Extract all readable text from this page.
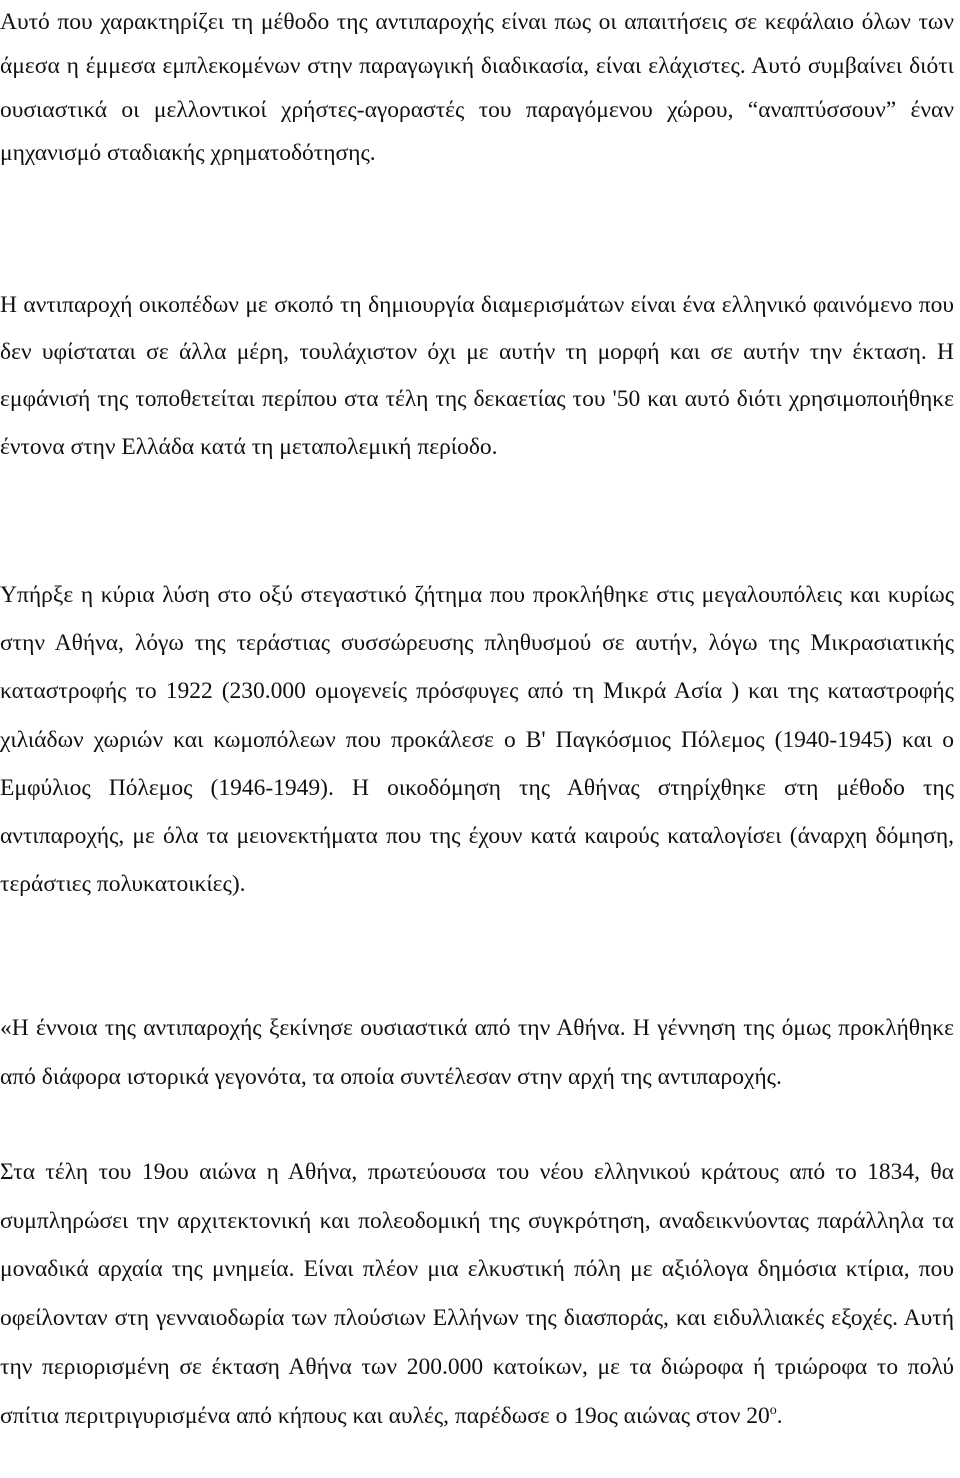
Αυτό που χαρακτηρίζει τη μέθοδο της αντιπαροχής είναι πως οι απαιτήσεις σε κεφάλαιο όλων των άμεσα η έμμεσα εμπλεκομένων στην παραγωγική διαδικασία, είναι ελάχιστες. Αυτό συμβαίνει διότι ουσιαστικά οι μελλοντικοί χρήστες-αγοραστές του παραγόμενου χώρου, “αναπτύσσουν” έναν μηχανισμό σταδιακής χρηματοδότησης.

Η αντιπαροχή οικοπέδων με σκοπό τη δημιουργία διαμερισμάτων είναι ένα ελληνικό φαινόμενο που δεν υφίσταται σε άλλα μέρη, τουλάχιστον όχι με αυτήν τη μορφή και σε αυτήν την έκταση. Η εμφάνισή της τοποθετείται περίπου στα τέλη της δεκαετίας του '50 και αυτό διότι χρησιμοποιήθηκε έντονα στην Ελλάδα κατά τη μεταπολεμική περίοδο.

Υπήρξε η κύρια λύση στο οξύ στεγαστικό ζήτημα που προκλήθηκε στις μεγαλουπόλεις και κυρίως στην Αθήνα, λόγω της τεράστιας συσσώρευσης πληθυσμού σε αυτήν, λόγω της Μικρασιατικής καταστροφής το 1922 (230.000 ομογενείς πρόσφυγες από τη Μικρά Ασία ) και της καταστροφής χιλιάδων χωριών και κωμοπόλεων που προκάλεσε ο Β' Παγκόσμιος Πόλεμος (1940-1945) και ο Εμφύλιος Πόλεμος (1946-1949). Η οικοδόμηση της Αθήνας στηρίχθηκε στη μέθοδο της αντιπαροχής, με όλα τα μειονεκτήματα που της έχουν κατά καιρούς καταλογίσει (άναρχη δόμηση, τεράστιες πολυκατοικίες).

«Η έννοια της αντιπαροχής ξεκίνησε ουσιαστικά από την Αθήνα. Η γέννηση της όμως προκλήθηκε από διάφορα ιστορικά γεγονότα, τα οποία συντέλεσαν στην αρχή της αντιπαροχής.

Στα τέλη του 19ου αιώνα η Αθήνα, πρωτεύουσα του νέου ελληνικού κράτους από το 1834, θα συμπληρώσει την αρχιτεκτονική και πολεοδομική της συγκρότηση, αναδεικνύοντας παράλληλα τα μοναδικά αρχαία της μνημεία. Είναι πλέον μια ελκυστική πόλη με αξιόλογα δημόσια κτίρια, που οφείλονταν στη γενναιοδωρία των πλούσιων Ελλήνων της διασποράς, και ειδυλλιακές εξοχές. Αυτή την περιορισμένη σε έκταση Αθήνα των 200.000 κατοίκων, με τα διώροφα ή τριώροφα το πολύ σπίτια περιτριγυρισμένα από κήπους και αυλές, παρέδωσε ο 19ος αιώνας στον $20^o$.
